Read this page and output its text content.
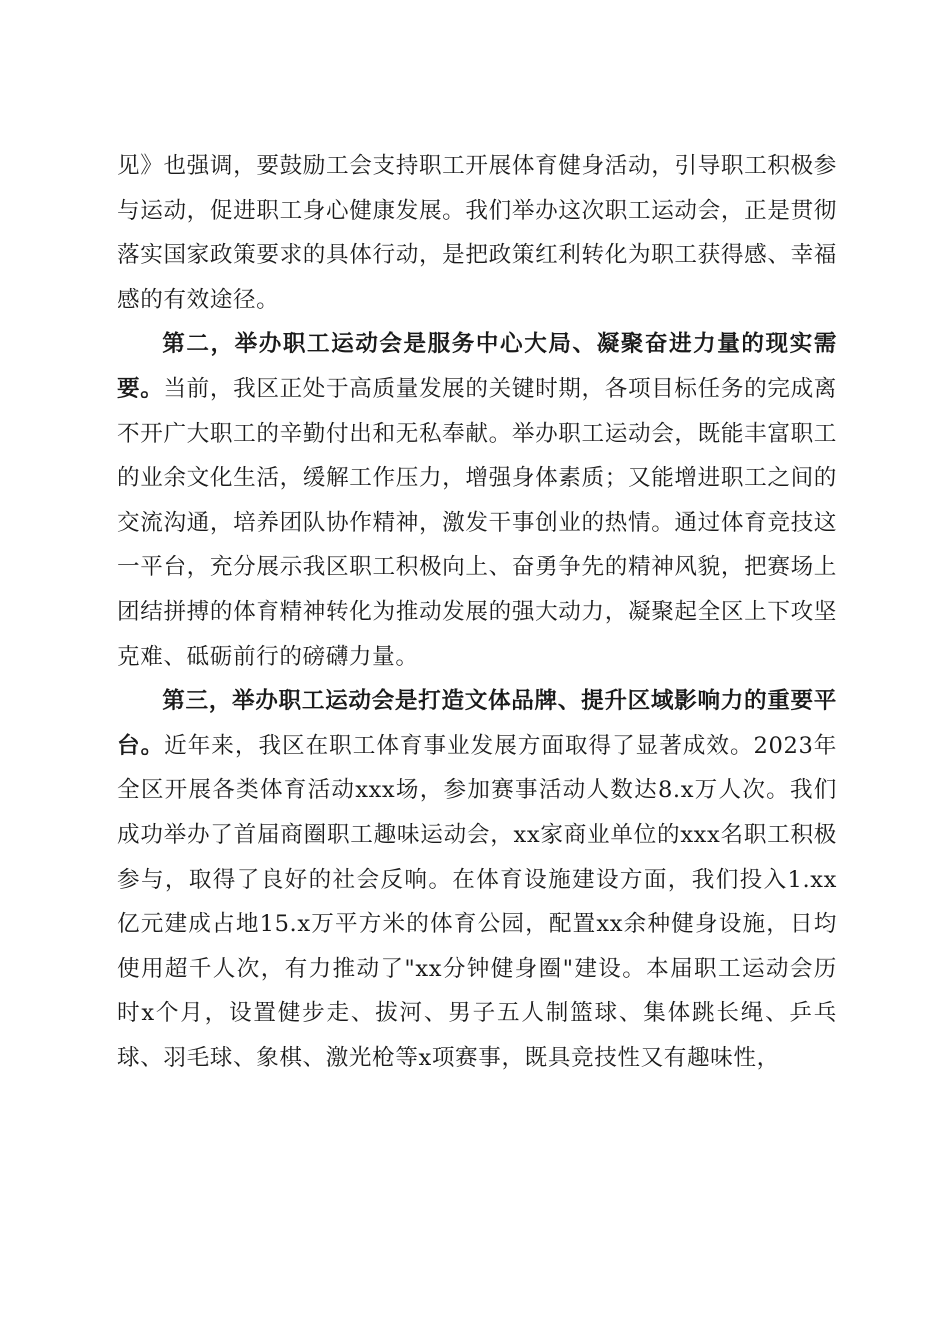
见》也强调，要鼓励工会支持职工开展体育健身活动，引导职工积极参与运动，促进职工身心健康发展。我们举办这次职工运动会，正是贯彻落实国家政策要求的具体行动，是把政策红利转化为职工获得感、幸福感的有效途径。

第二，举办职工运动会是服务中心大局、凝聚奋进力量的现实需要。当前，我区正处于高质量发展的关键时期，各项目标任务的完成离不开广大职工的辛勤付出和无私奉献。举办职工运动会，既能丰富职工的业余文化生活，缓解工作压力，增强身体素质；又能增进职工之间的交流沟通，培养团队协作精神，激发干事创业的热情。通过体育竞技这一平台，充分展示我区职工积极向上、奋勇争先的精神风貌，把赛场上团结拼搏的体育精神转化为推动发展的强大动力，凝聚起全区上下攻坚克难、砥砺前行的磅礴力量。

第三，举办职工运动会是打造文体品牌、提升区域影响力的重要平台。近年来，我区在职工体育事业发展方面取得了显著成效。2023年全区开展各类体育活动xxx场，参加赛事活动人数达8.x万人次。我们成功举办了首届商圈职工趣味运动会，xx家商业单位的xxx名职工积极参与，取得了良好的社会反响。在体育设施建设方面，我们投入1.xx亿元建成占地15.x万平方米的体育公园，配置xx余种健身设施，日均使用超千人次，有力推动了"xx分钟健身圈"建设。本届职工运动会历时x个月，设置健步走、拔河、男子五人制篮球、集体跳长绳、乒乓球、羽毛球、象棋、激光枪等x项赛事，既具竞技性又有趣味性，
